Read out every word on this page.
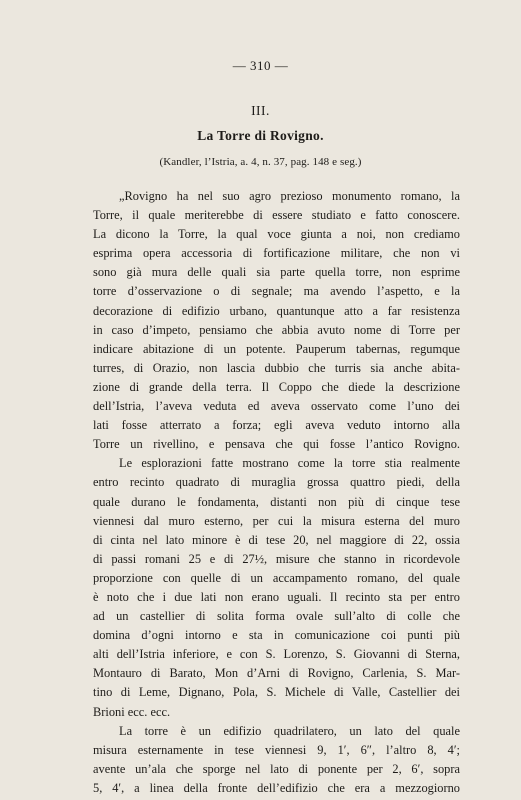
— 310 —
III.
La Torre di Rovigno.
(Kandler, l’Istria, a. 4, n. 37, pag. 148 e seg.)
„Rovigno ha nel suo agro prezioso monumento romano, la
Torre, il quale meriterebbe di essere studiato e fatto conoscere.
La dicono la Torre, la qual voce giunta a noi, non crediamo
esprima opera accessoria di fortificazione militare, che non vi
sono già mura delle quali sia parte quella torre, non esprime
torre d’osservazione o di segnale; ma avendo l’aspetto, e la
decorazione di edifizio urbano, quantunque atto a far resistenza
in caso d’impeto, pensiamo che abbia avuto nome di Torre per
indicare abitazione di un potente. Pauperum tabernas, regumque
turres, di Orazio, non lascia dubbio che turris sia anche abita-
zione di grande della terra. Il Coppo che diede la descrizione
dell’Istria, l’aveva veduta ed aveva osservato come l’uno dei
lati fosse atterrato a forza; egli aveva veduto intorno alla
Torre un rivellino, e pensava che qui fosse l’antico Rovigno.
Le esplorazioni fatte mostrano come la torre stia realmente
entro recinto quadrato di muraglia grossa quattro piedi, della
quale durano le fondamenta, distanti non più di cinque tese
viennesi dal muro esterno, per cui la misura esterna del muro
di cinta nel lato minore è di tese 20, nel maggiore di 22, ossia
di passi romani 25 e di 27½, misure che stanno in ricordevole
proporzione con quelle di un accampamento romano, del quale
è noto che i due lati non erano uguali. Il recinto sta per entro
ad un castellier di solita forma ovale sull’alto di colle che
domina d’ogni intorno e sta in comunicazione coi punti più
alti dell’Istria inferiore, e con S. Lorenzo, S. Giovanni di Sterna,
Montauro di Barato, Mon d’Arni di Rovigno, Carlenia, S. Mar-
tino di Leme, Dignano, Pola, S. Michele di Valle, Castellier dei
Brioni ecc. ecc.
La torre è un edifizio quadrilatero, un lato del quale
misura esternamente in tese viennesi 9, 1′, 6″, l’altro 8, 4′;
avente un’ala che sporge nel lato di ponente per 2, 6′, sopra
5, 4′, a linea della fronte dell’edifizio che era a mezzogiorno
